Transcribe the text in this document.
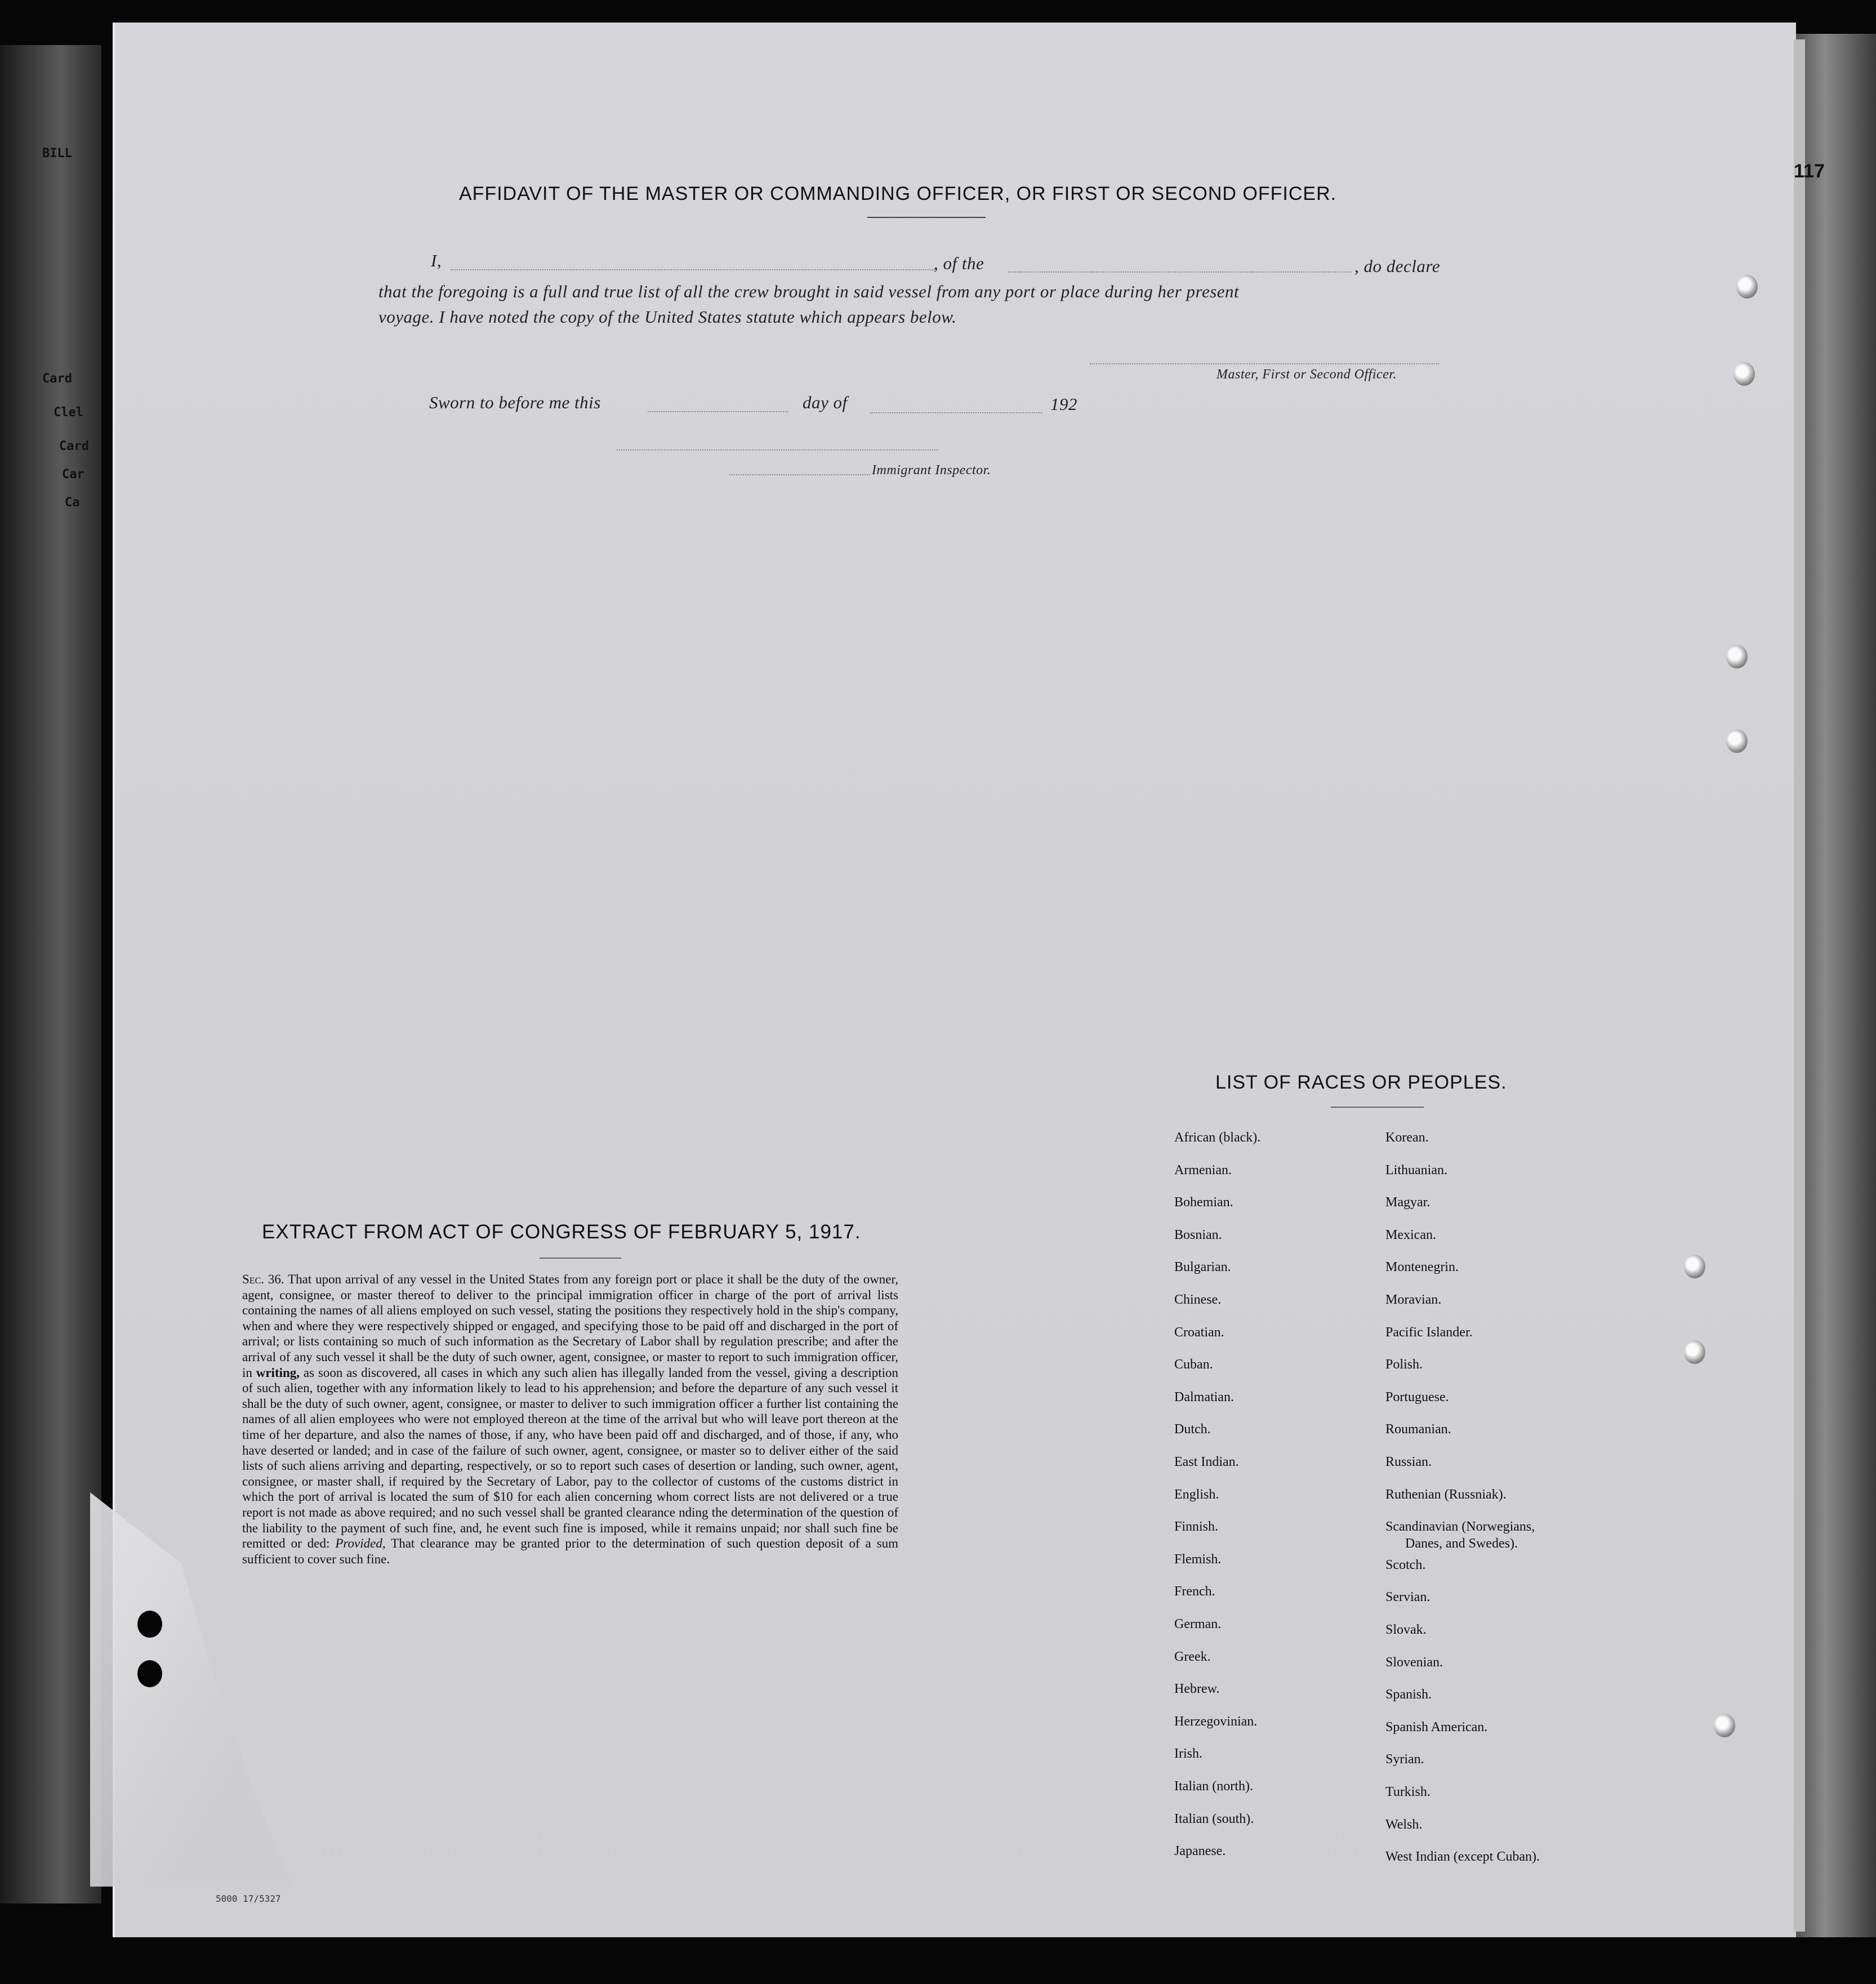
BILL
Card
Clel
Card
Car
Ca
117
AFFIDAVIT OF THE MASTER OR COMMANDING OFFICER, OR FIRST OR SECOND OFFICER.
I,	, of the	, do declare
that the foregoing is a full and true list of all the crew brought in said vessel from any port or place during her present
voyage. I have noted the copy of the United States statute which appears below.
Master, First or Second Officer.
Sworn to before me this	day of	192
Immigrant Inspector.
EXTRACT FROM ACT OF CONGRESS OF FEBRUARY 5, 1917.
Sec. 36. That upon arrival of any vessel in the United States from any foreign port or place it shall be the duty of the owner, agent, consignee, or master thereof to deliver to the principal immigration officer in charge of the port of arrival lists containing the names of all aliens employed on such vessel, stating the positions they respectively hold in the ship's company, when and where they were respectively shipped or engaged, and specifying those to be paid off and discharged in the port of arrival; or lists containing so much of such information as the Secretary of Labor shall by regulation prescribe; and after the arrival of any such vessel it shall be the duty of such owner, agent, consignee, or master to report to such immigration officer, in writing, as soon as discovered, all cases in which any such alien has illegally landed from the vessel, giving a description of such alien, together with any information likely to lead to his apprehension; and before the departure of any such vessel it shall be the duty of such owner, agent, consignee, or master to deliver to such immigration officer a further list containing the names of all alien employees who were not employed thereon at the time of the arrival but who will leave port thereon at the time of her departure, and also the names of those, if any, who have been paid off and discharged, and of those, if any, who have deserted or landed; and in case of the failure of such owner, agent, consignee, or master so to deliver either of the said lists of such aliens arriving and departing, respectively, or so to report such cases of desertion or landing, such owner, agent, consignee, or master shall, if required by the Secretary of Labor, pay to the collector of customs of the customs district in which the port of arrival is located the sum of $10 for each alien concerning whom correct lists are not delivered or a true report is not made as above required; and no such vessel shall be granted clearance nding the determination of the question of the liability to the payment of such fine, and, he event such fine is imposed, while it remains unpaid; nor shall such fine be remitted or ded: Provided, That clearance may be granted prior to the determination of such question deposit of a sum sufficient to cover such fine.
LIST OF RACES OR PEOPLES.
African (black).
Armenian.
Bohemian.
Bosnian.
Bulgarian.
Chinese.
Croatian.
Cuban.
Dalmatian.
Dutch.
East Indian.
English.
Finnish.
Flemish.
French.
German.
Greek.
Hebrew.
Herzegovinian.
Irish.
Italian (north).
Italian (south).
Japanese.
Korean.
Lithuanian.
Magyar.
Mexican.
Montenegrin.
Moravian.
Pacific Islander.
Polish.
Portuguese.
Roumanian.
Russian.
Ruthenian (Russniak).
Scandinavian (Norwegians,
Danes, and Swedes).
Scotch.
Servian.
Slovak.
Slovenian.
Spanish.
Spanish American.
Syrian.
Turkish.
Welsh.
West Indian (except Cuban).
5000 17/5327
